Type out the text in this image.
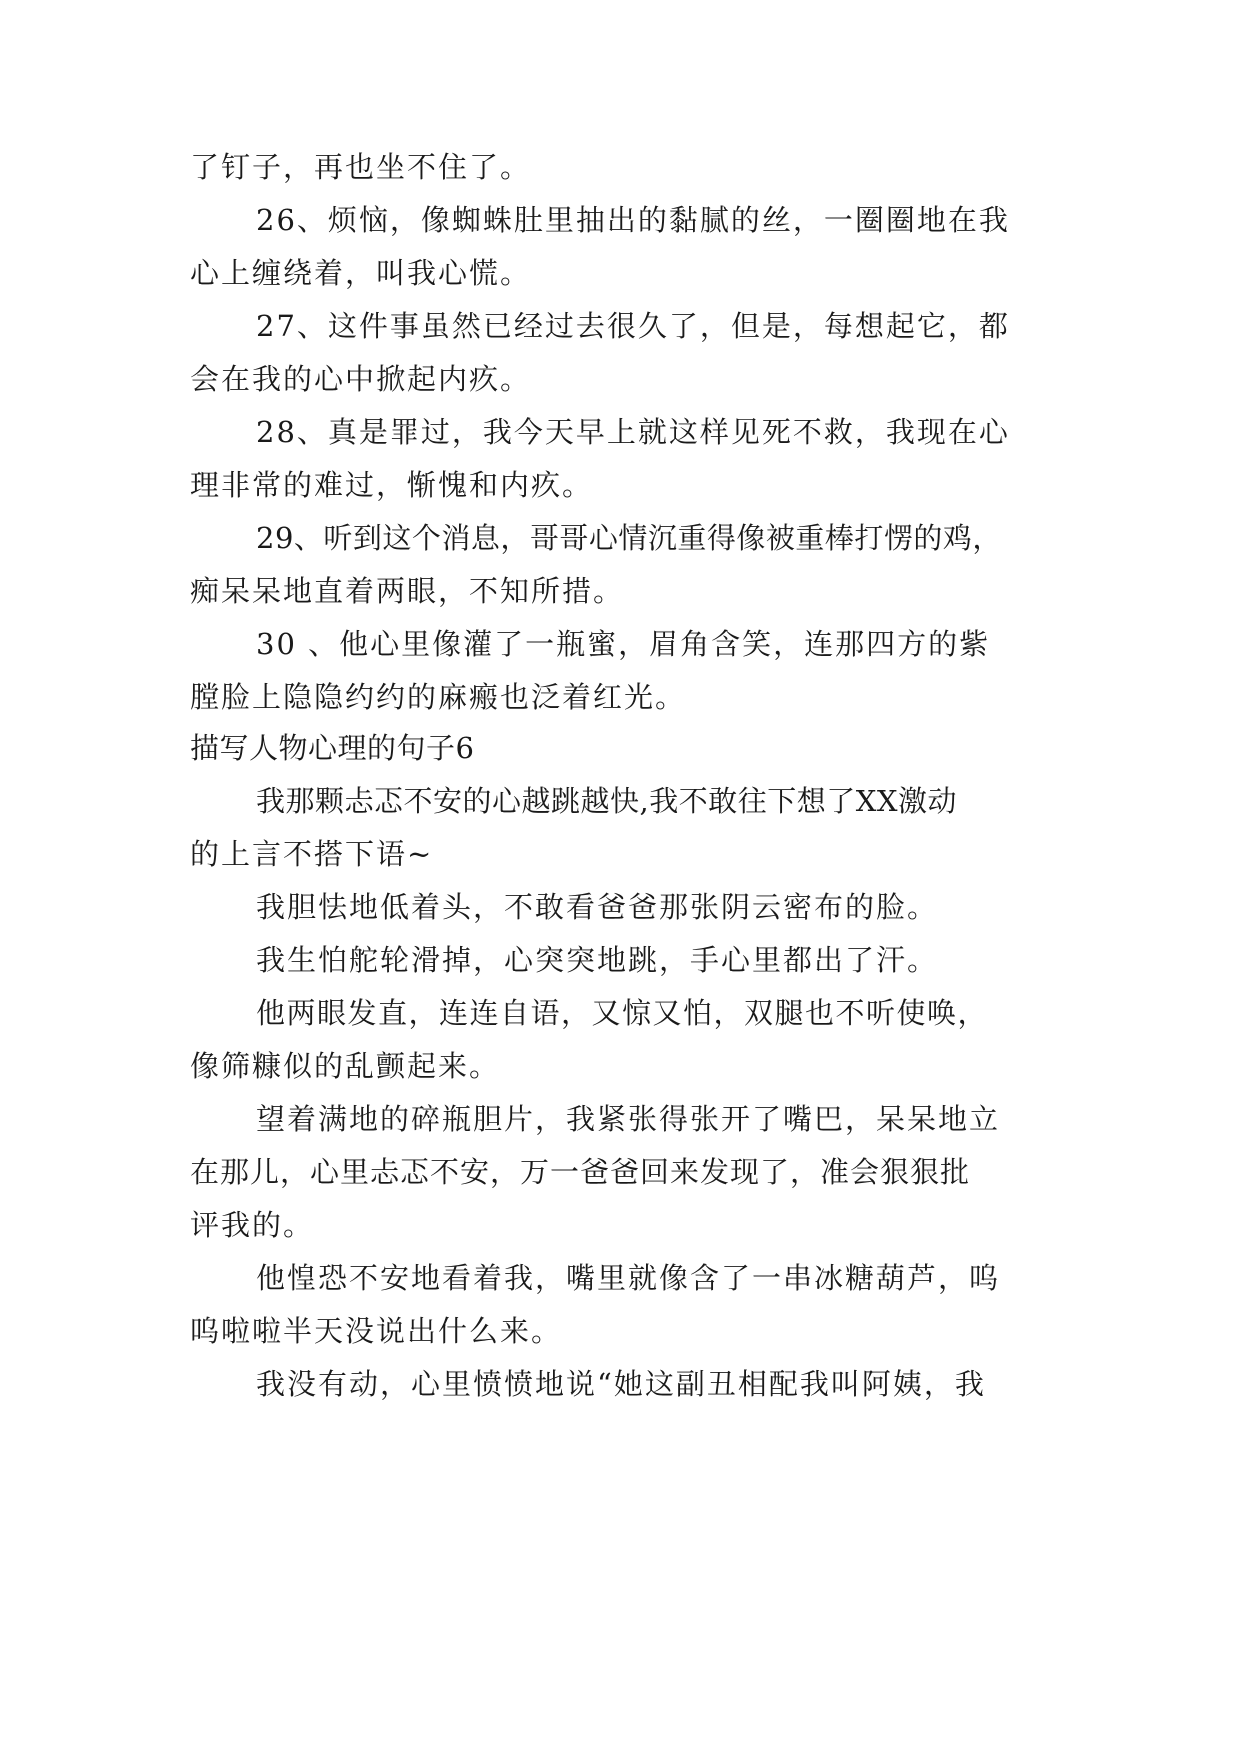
了钉子，再也坐不住了。
26、烦恼，像蜘蛛肚里抽出的黏腻的丝，一圈圈地在我
心上缠绕着，叫我心慌。
27、这件事虽然已经过去很久了，但是，每想起它，都
会在我的心中掀起内疚。
28、真是罪过，我今天早上就这样见死不救，我现在心
理非常的难过，惭愧和内疚。
29、听到这个消息，哥哥心情沉重得像被重棒打愣的鸡，
痴呆呆地直着两眼，不知所措。
30 、他心里像灌了一瓶蜜，眉角含笑，连那四方的紫
膛脸上隐隐约约的麻瘢也泛着红光。
描写人物心理的句子6
我那颗忐忑不安的心越跳越快,我不敢往下想了XX激动
的上言不搭下语~
我胆怯地低着头，不敢看爸爸那张阴云密布的脸。
我生怕舵轮滑掉，心突突地跳，手心里都出了汗。
他两眼发直，连连自语，又惊又怕，双腿也不听使唤，
像筛糠似的乱颤起来。
望着满地的碎瓶胆片，我紧张得张开了嘴巴，呆呆地立
在那儿，心里忐忑不安，万一爸爸回来发现了，准会狠狠批
评我的。
他惶恐不安地看着我，嘴里就像含了一串冰糖葫芦，呜
呜啦啦半天没说出什么来。
我没有动，心里愤愤地说“她这副丑相配我叫阿姨，我
